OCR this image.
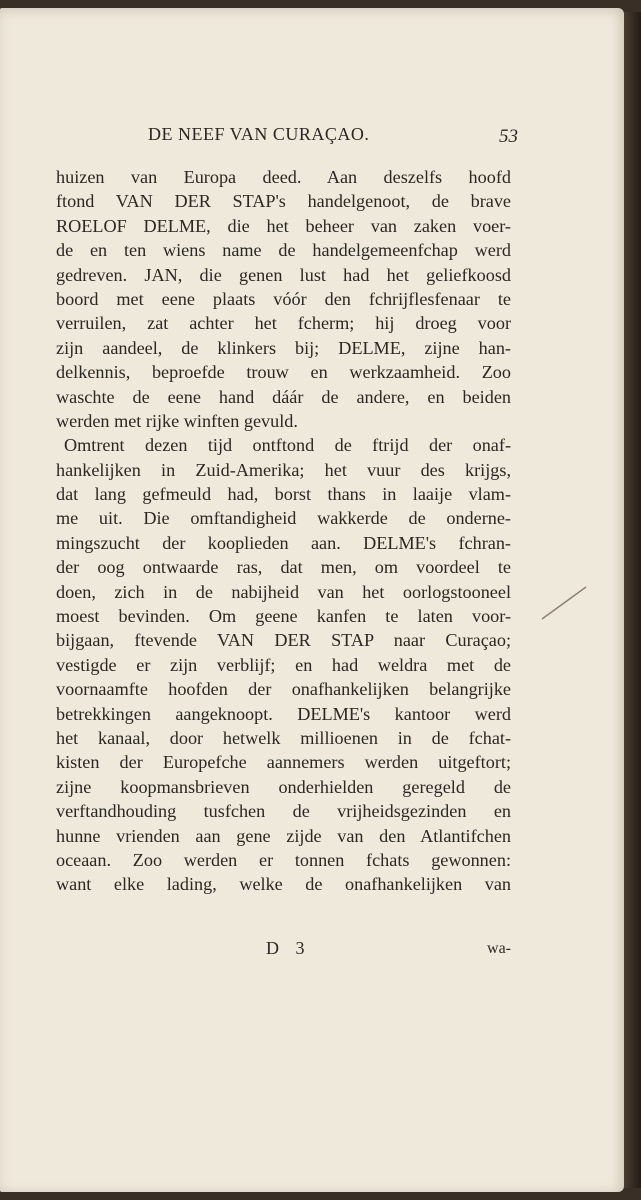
DE NEEF VAN CURAÇAO.	53
huizen van Europa deed. Aan deszelfs hoofd
ftond VAN DER STAP's handelgenoot, de brave
ROELOF DELME, die het beheer van zaken voer-
de en ten wiens name de handelgemeenfchap werd
gedreven. JAN, die genen lust had het geliefkoosd
boord met eene plaats vóór den fchrijflesfenaar te
verruilen, zat achter het fcherm; hij droeg voor
zijn aandeel, de klinkers bij; DELME, zijne han-
delkennis, beproefde trouw en werkzaamheid. Zoo
waschte de eene hand dáár de andere, en beiden
werden met rijke winften gevuld.
Omtrent dezen tijd ontftond de ftrijd der onaf-
hankelijken in Zuid-Amerika; het vuur des krijgs,
dat lang gefmeuld had, borst thans in laaije vlam-
me uit. Die omftandigheid wakkerde de onderne-
mingszucht der kooplieden aan. DELME's fchran-
der oog ontwaarde ras, dat men, om voordeel te
doen, zich in de nabijheid van het oorlogstooneel
moest bevinden. Om geene kanfen te laten voor-
bijgaan, ftevende VAN DER STAP naar Curaçao;
vestigde er zijn verblijf; en had weldra met de
voornaamfte hoofden der onafhankelijken belangrijke
betrekkingen aangeknoopt. DELME's kantoor werd
het kanaal, door hetwelk millioenen in de fchat-
kisten der Europefche aannemers werden uitgeftort;
zijne koopmansbrieven onderhielden geregeld de
verftandhouding tusfchen de vrijheidsgezinden en
hunne vrienden aan gene zijde van den Atlantifchen
oceaan. Zoo werden er tonnen fchats gewonnen:
want elke lading, welke de onafhankelijken van
D 3	wa-
